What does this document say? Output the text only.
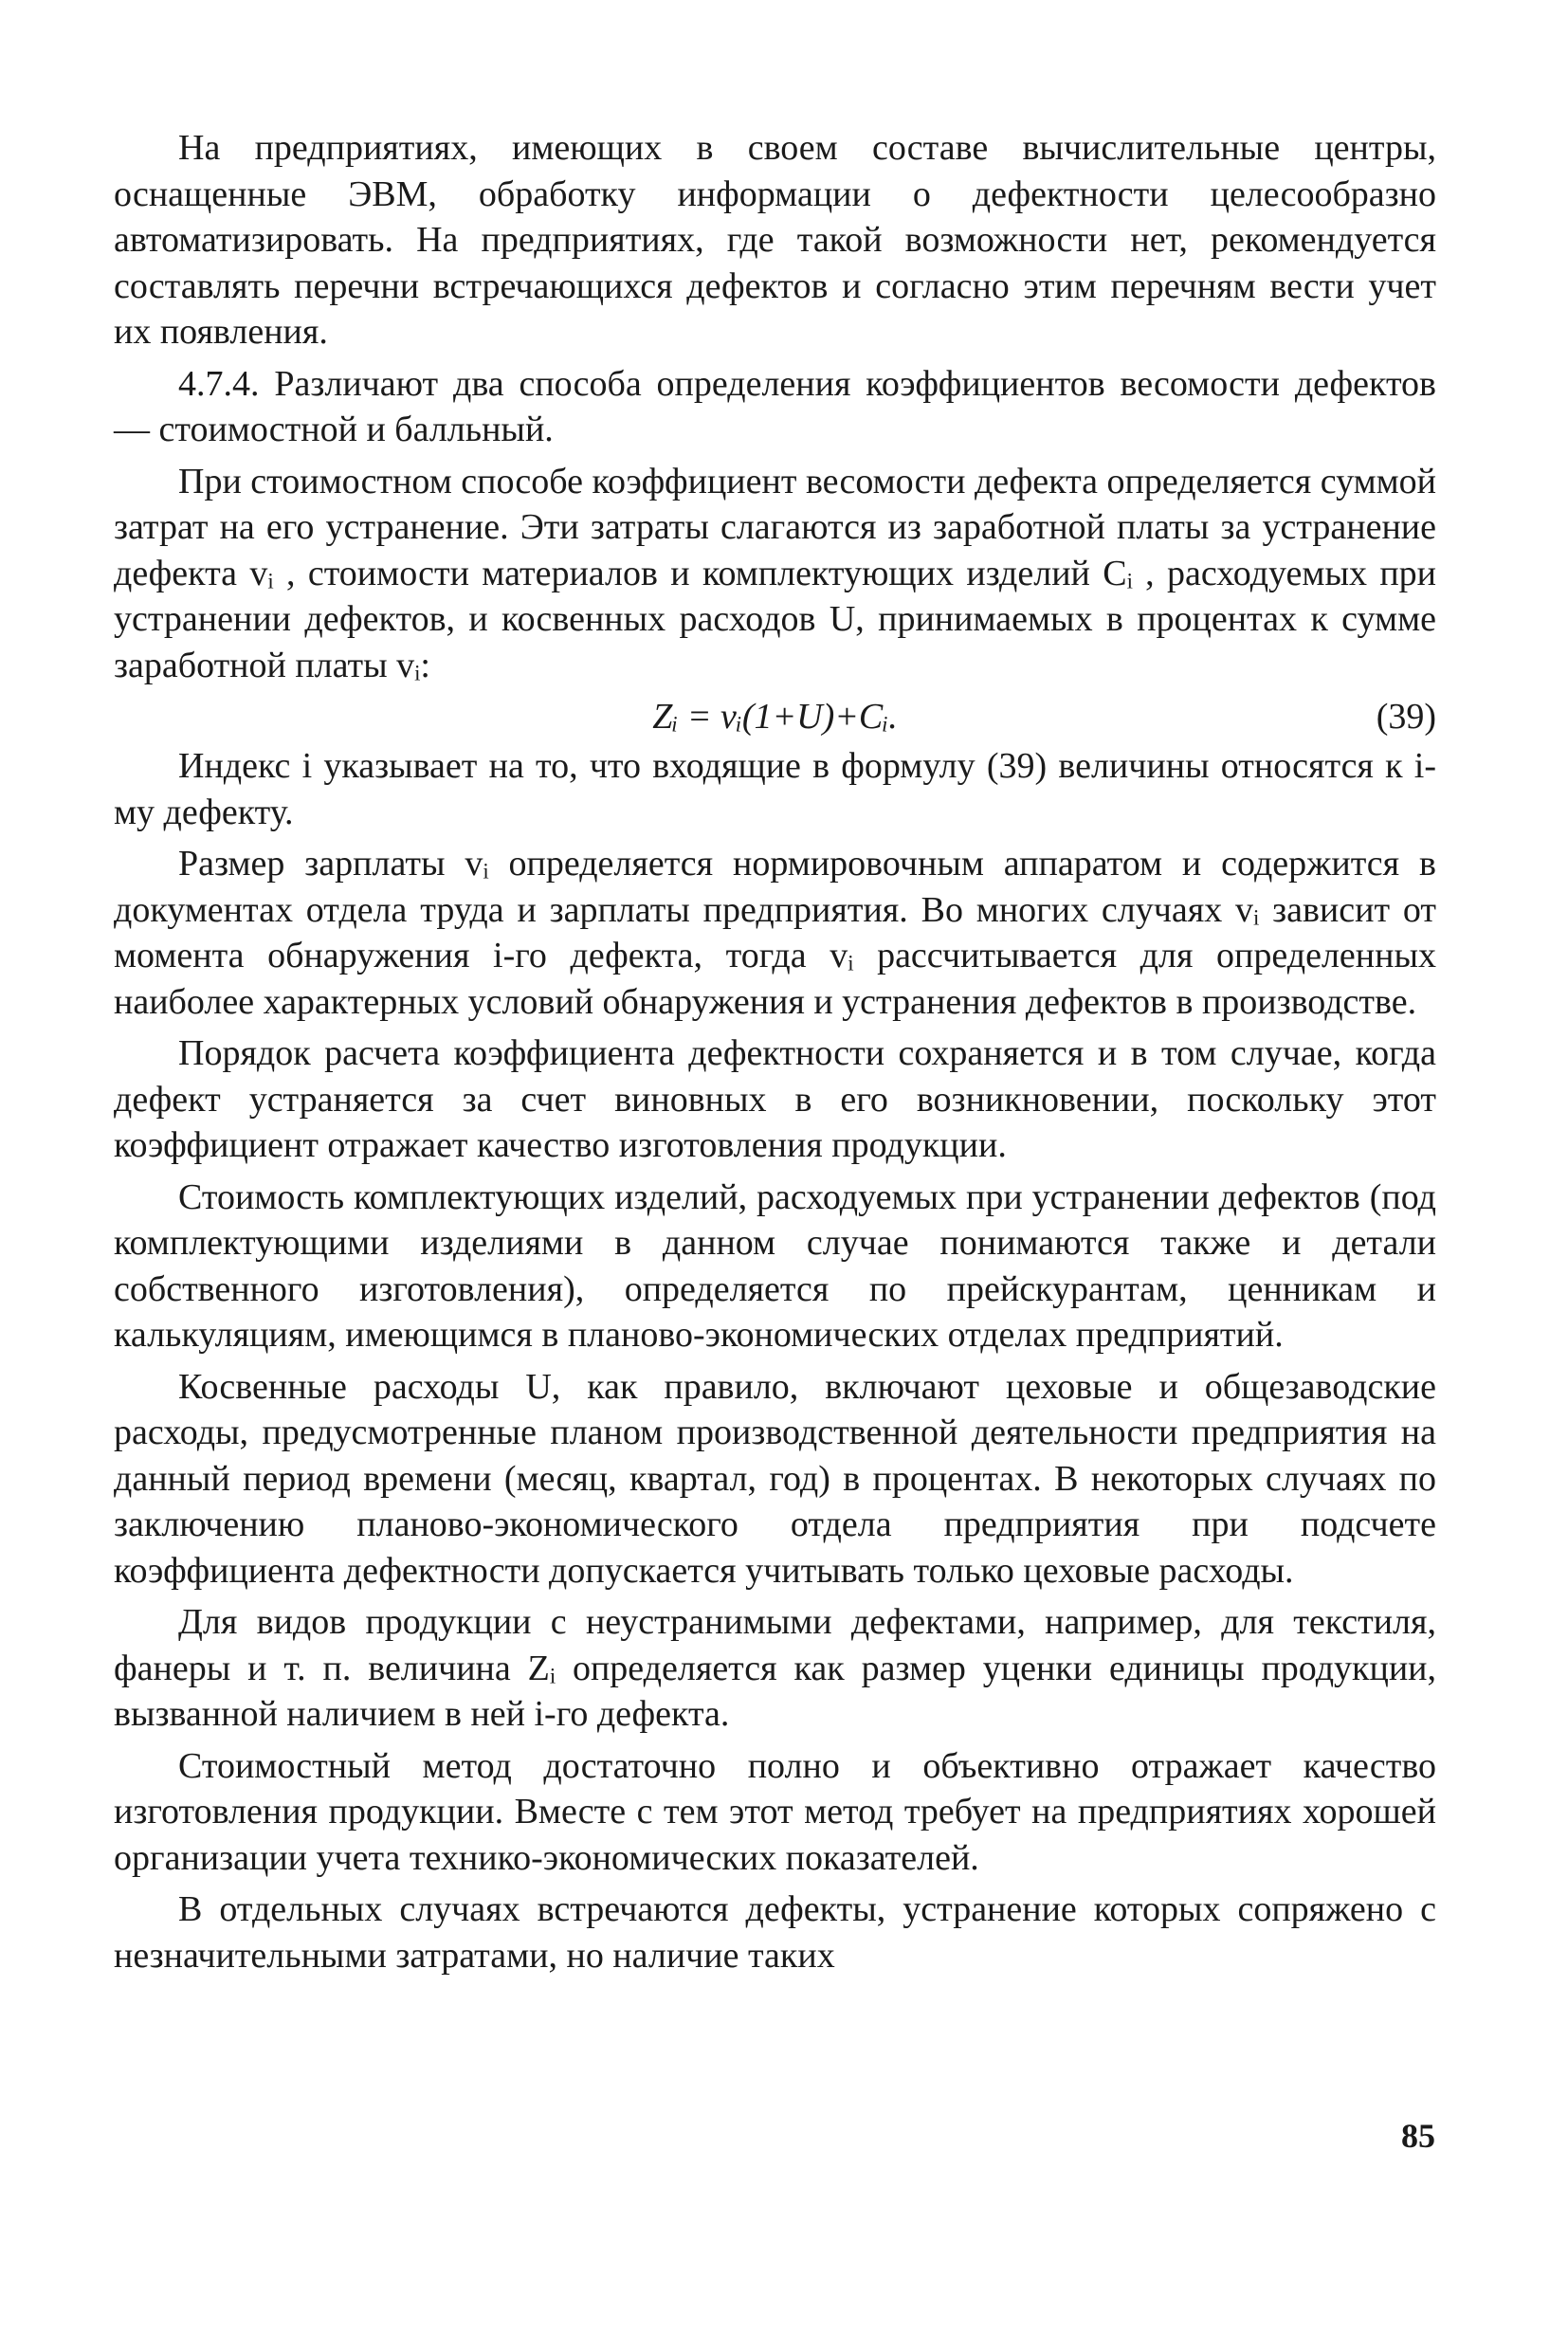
На предприятиях, имеющих в своем составе вычислительные центры, оснащенные ЭВМ, обработку информации о дефектности целесообразно автоматизировать. На предприятиях, где такой возможности нет, рекомендуется составлять перечни встречающихся дефектов и согласно этим перечням вести учет их появления.

4.7.4. Различают два способа определения коэффициентов весомости дефектов — стоимостной и балльный.

При стоимостном способе коэффициент весомости дефекта определяется суммой затрат на его устранение. Эти затраты слагаются из заработной платы за устранение дефекта vᵢ , стоимости материалов и комплектующих изделий Cᵢ , расходуемых при устранении дефектов, и косвенных расходов U, принимаемых в процентах к сумме заработной платы vᵢ:

Zᵢ = vᵢ(1+U)+Cᵢ.	(39)

Индекс i указывает на то, что входящие в формулу (39) величины относятся к i-му дефекту.

Размер зарплаты vᵢ определяется нормировочным аппаратом и содержится в документах отдела труда и зарплаты предприятия. Во многих случаях vᵢ зависит от момента обнаружения i-го дефекта, тогда vᵢ рассчитывается для определенных наиболее характерных условий обнаружения и устранения дефектов в производстве.

Порядок расчета коэффициента дефектности сохраняется и в том случае, когда дефект устраняется за счет виновных в его возникновении, поскольку этот коэффициент отражает качество изготовления продукции.

Стоимость комплектующих изделий, расходуемых при устранении дефектов (под комплектующими изделиями в данном случае понимаются также и детали собственного изготовления), определяется по прейскурантам, ценникам и калькуляциям, имеющимся в планово-экономических отделах предприятий.

Косвенные расходы U, как правило, включают цеховые и общезаводские расходы, предусмотренные планом производственной деятельности предприятия на данный период времени (месяц, квартал, год) в процентах. В некоторых случаях по заключению планово-экономического отдела предприятия при подсчете коэффициента дефектности допускается учитывать только цеховые расходы.

Для видов продукции с неустранимыми дефектами, например, для текстиля, фанеры и т. п. величина Zᵢ определяется как размер уценки единицы продукции, вызванной наличием в ней i-го дефекта.

Стоимостный метод достаточно полно и объективно отражает качество изготовления продукции. Вместе с тем этот метод требует на предприятиях хорошей организации учета технико-экономических показателей.

В отдельных случаях встречаются дефекты, устранение которых сопряжено с незначительными затратами, но наличие таких

85
